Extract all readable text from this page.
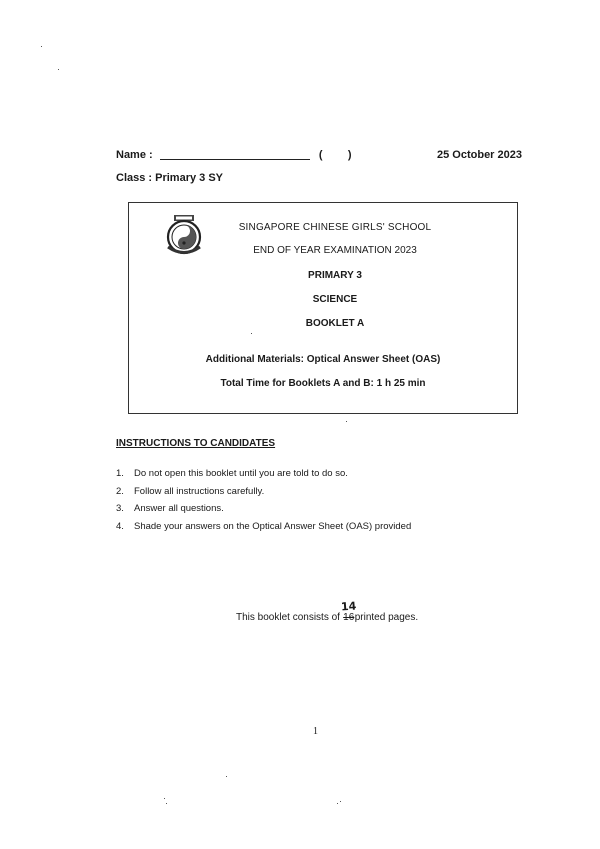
Name :	( )	25 October 2023
Class : Primary 3 SY
SINGAPORE CHINESE GIRLS' SCHOOL
END OF YEAR EXAMINATION 2023
PRIMARY 3
SCIENCE
BOOKLET A
Additional Materials: Optical Answer Sheet (OAS)
Total Time for Booklets A and B: 1 h 25 min
INSTRUCTIONS TO CANDIDATES
1. Do not open this booklet until you are told to do so.
2. Follow all instructions carefully.
3. Answer all questions.
4. Shade your answers on the Optical Answer Sheet (OAS) provided
This booklet consists of 16
14
printed pages.
1
